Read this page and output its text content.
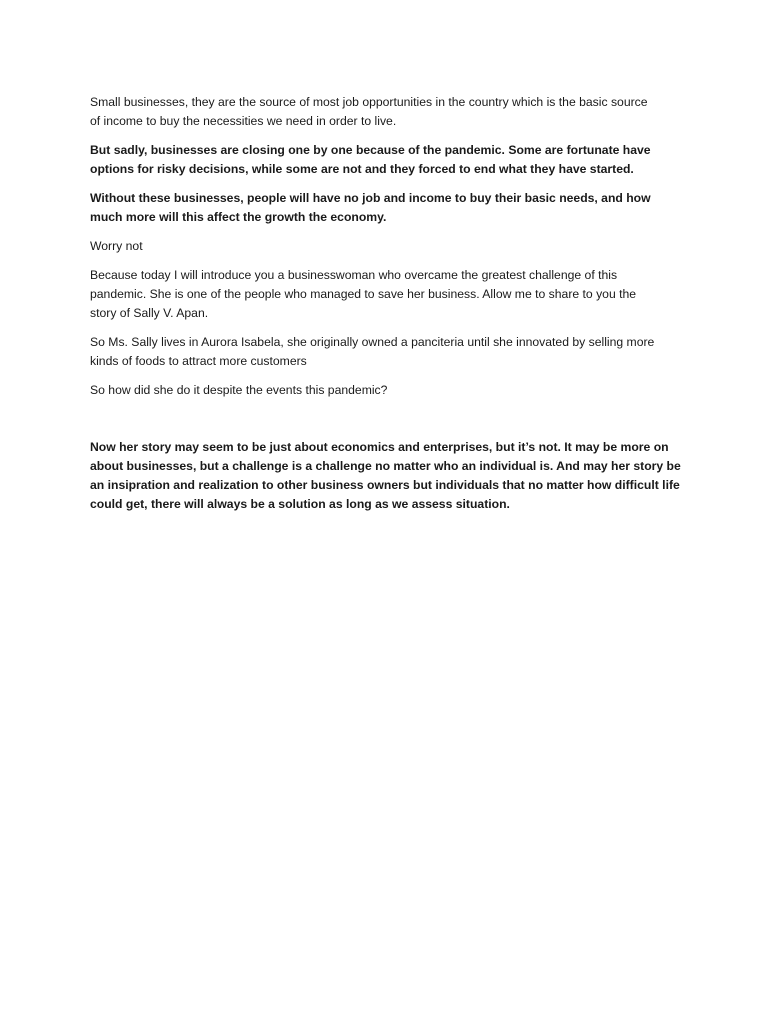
Small businesses, they are the source of most job opportunities in the country which is the basic source
of income to buy the necessities we need in order to live.

But sadly, businesses are closing one by one because of the pandemic. Some are fortunate have
options for risky decisions, while some are not and they forced to end what they have started.

Without these businesses, people will have no job and income to buy their basic needs, and how
much more will this affect the growth the economy.

Worry not

Because today I will introduce you a businesswoman who overcame the greatest challenge of this
pandemic. She is one of the people who managed to save her business. Allow me to share to you the
story of Sally V. Apan.

So Ms. Sally lives in Aurora Isabela, she originally owned a panciteria until she innovated by selling more
kinds of foods to attract more customers

So how did she do it despite the events this pandemic?

Now her story may seem to be just about economics and enterprises, but it’s not. It may be more on
about businesses, but a challenge is a challenge no matter who an individual is. And may her story be
an insipration and realization to other business owners but individuals that no matter how difficult life
could get, there will always be a solution as long as we assess situation.
